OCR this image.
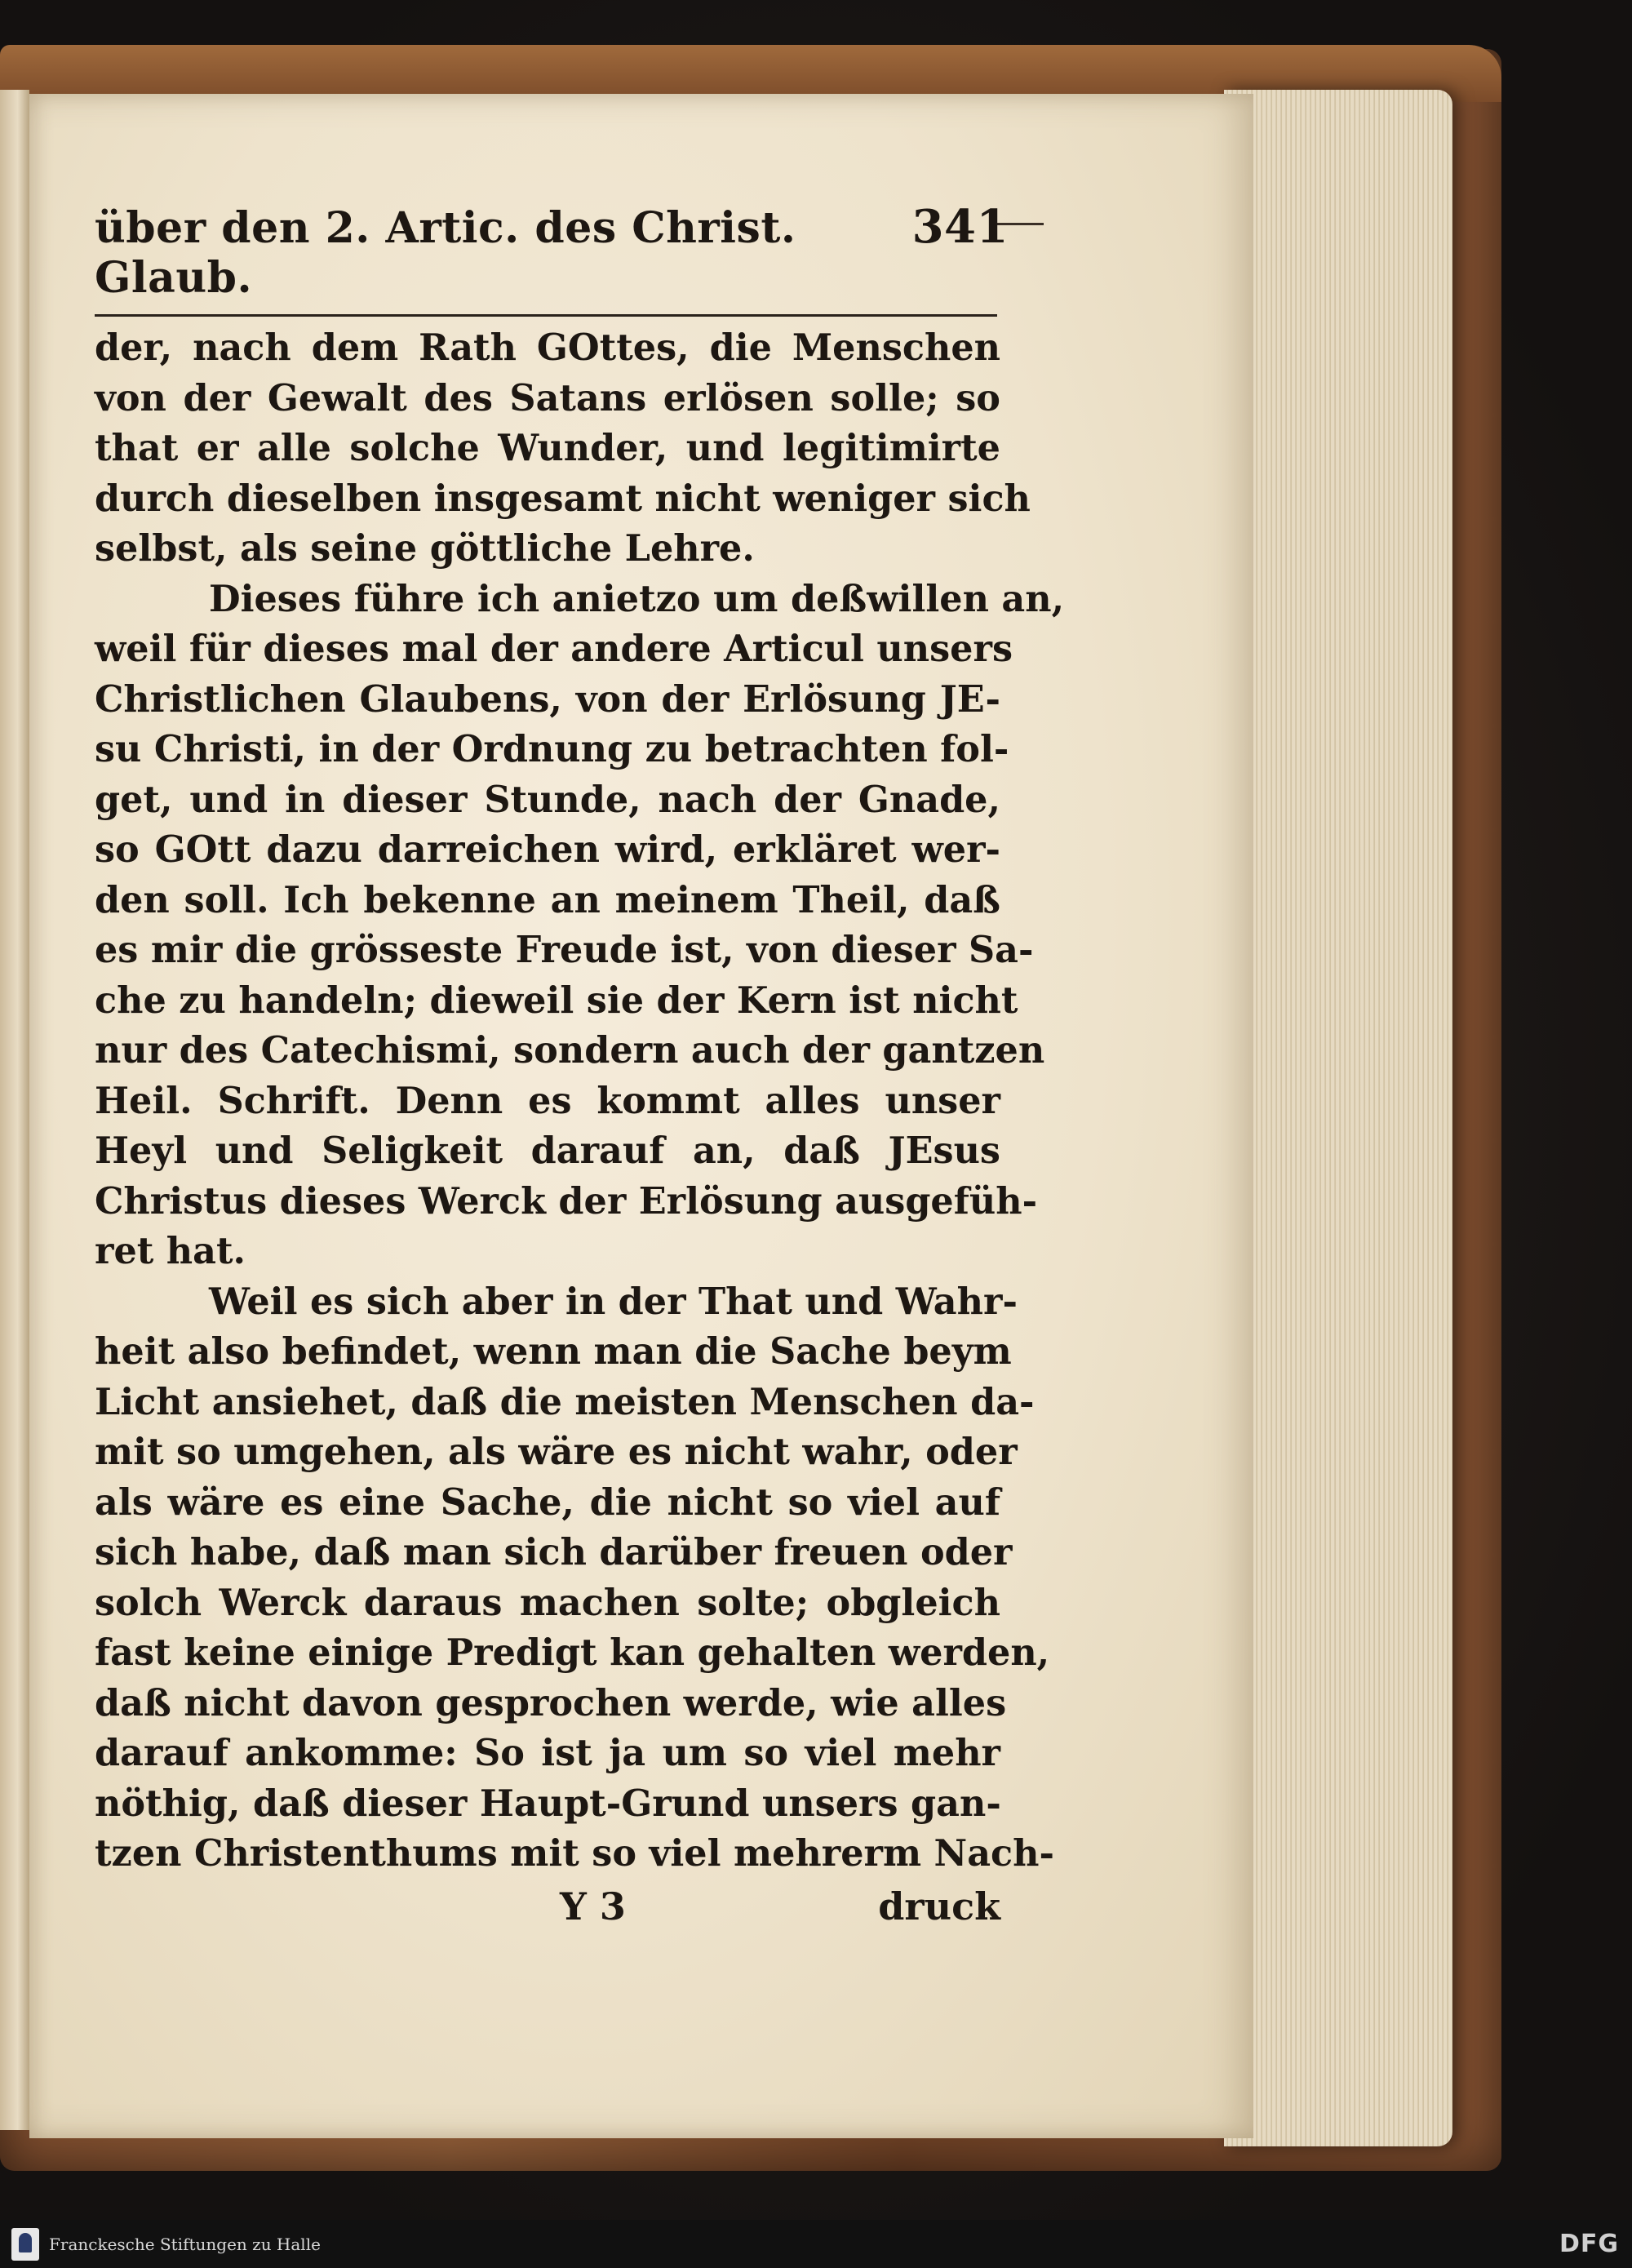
über den 2. Artic. des Christ. Glaub.
341
der, nach dem Rath GOttes, die Menschen
von der Gewalt des Satans erlösen solle; so
that er alle solche Wunder, und legitimirte
durch dieselben insgesamt nicht weniger sich
selbst, als seine göttliche Lehre.
Dieses führe ich anietzo um deßwillen an,
weil für dieses mal der andere Articul unsers
Christlichen Glaubens, von der Erlösung JE-
su Christi, in der Ordnung zu betrachten fol-
get, und in dieser Stunde, nach der Gnade,
so GOtt dazu darreichen wird, erkläret wer-
den soll. Ich bekenne an meinem Theil, daß
es mir die grösseste Freude ist, von dieser Sa-
che zu handeln; dieweil sie der Kern ist nicht
nur des Catechismi, sondern auch der gantzen
Heil. Schrift. Denn es kommt alles unser
Heyl und Seligkeit darauf an, daß JEsus
Christus dieses Werck der Erlösung ausgefüh-
ret hat.
Weil es sich aber in der That und Wahr-
heit also befindet, wenn man die Sache beym
Licht ansiehet, daß die meisten Menschen da-
mit so umgehen, als wäre es nicht wahr, oder
als wäre es eine Sache, die nicht so viel auf
sich habe, daß man sich darüber freuen oder
solch Werck daraus machen solte; obgleich
fast keine einige Predigt kan gehalten werden,
daß nicht davon gesprochen werde, wie alles
darauf ankomme: So ist ja um so viel mehr
nöthig, daß dieser Haupt-Grund unsers gan-
tzen Christenthums mit so viel mehrerm Nach-
Y 3	druck
Franckesche Stiftungen zu Halle	DFG
